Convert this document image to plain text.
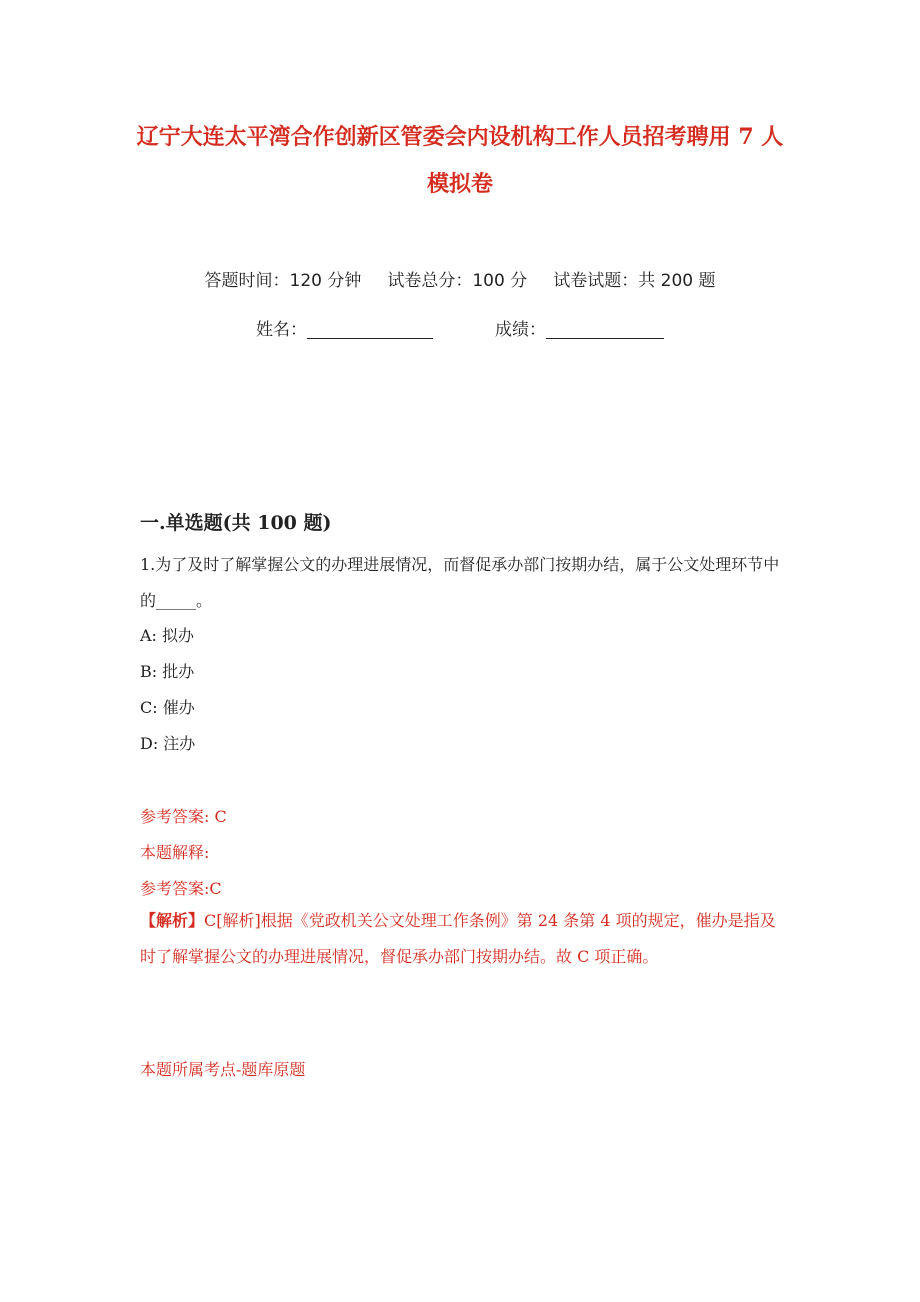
辽宁大连太平湾合作创新区管委会内设机构工作人员招考聘用 7 人
模拟卷
答题时间：120 分钟 试卷总分：100 分 试卷试题：共 200 题
姓名：	成绩：
一.单选题(共 100 题)
1.为了及时了解掌握公文的办理进展情况，而督促承办部门按期办结，属于公文处理环节中的_____。
A: 拟办
B: 批办
C: 催办
D: 注办
参考答案: C
本题解释:
参考答案:C
【解析】C[解析]根据《党政机关公文处理工作条例》第 24 条第 4 项的规定，催办是指及时了解掌握公文的办理进展情况，督促承办部门按期办结。故 C 项正确。
本题所属考点-题库原题
